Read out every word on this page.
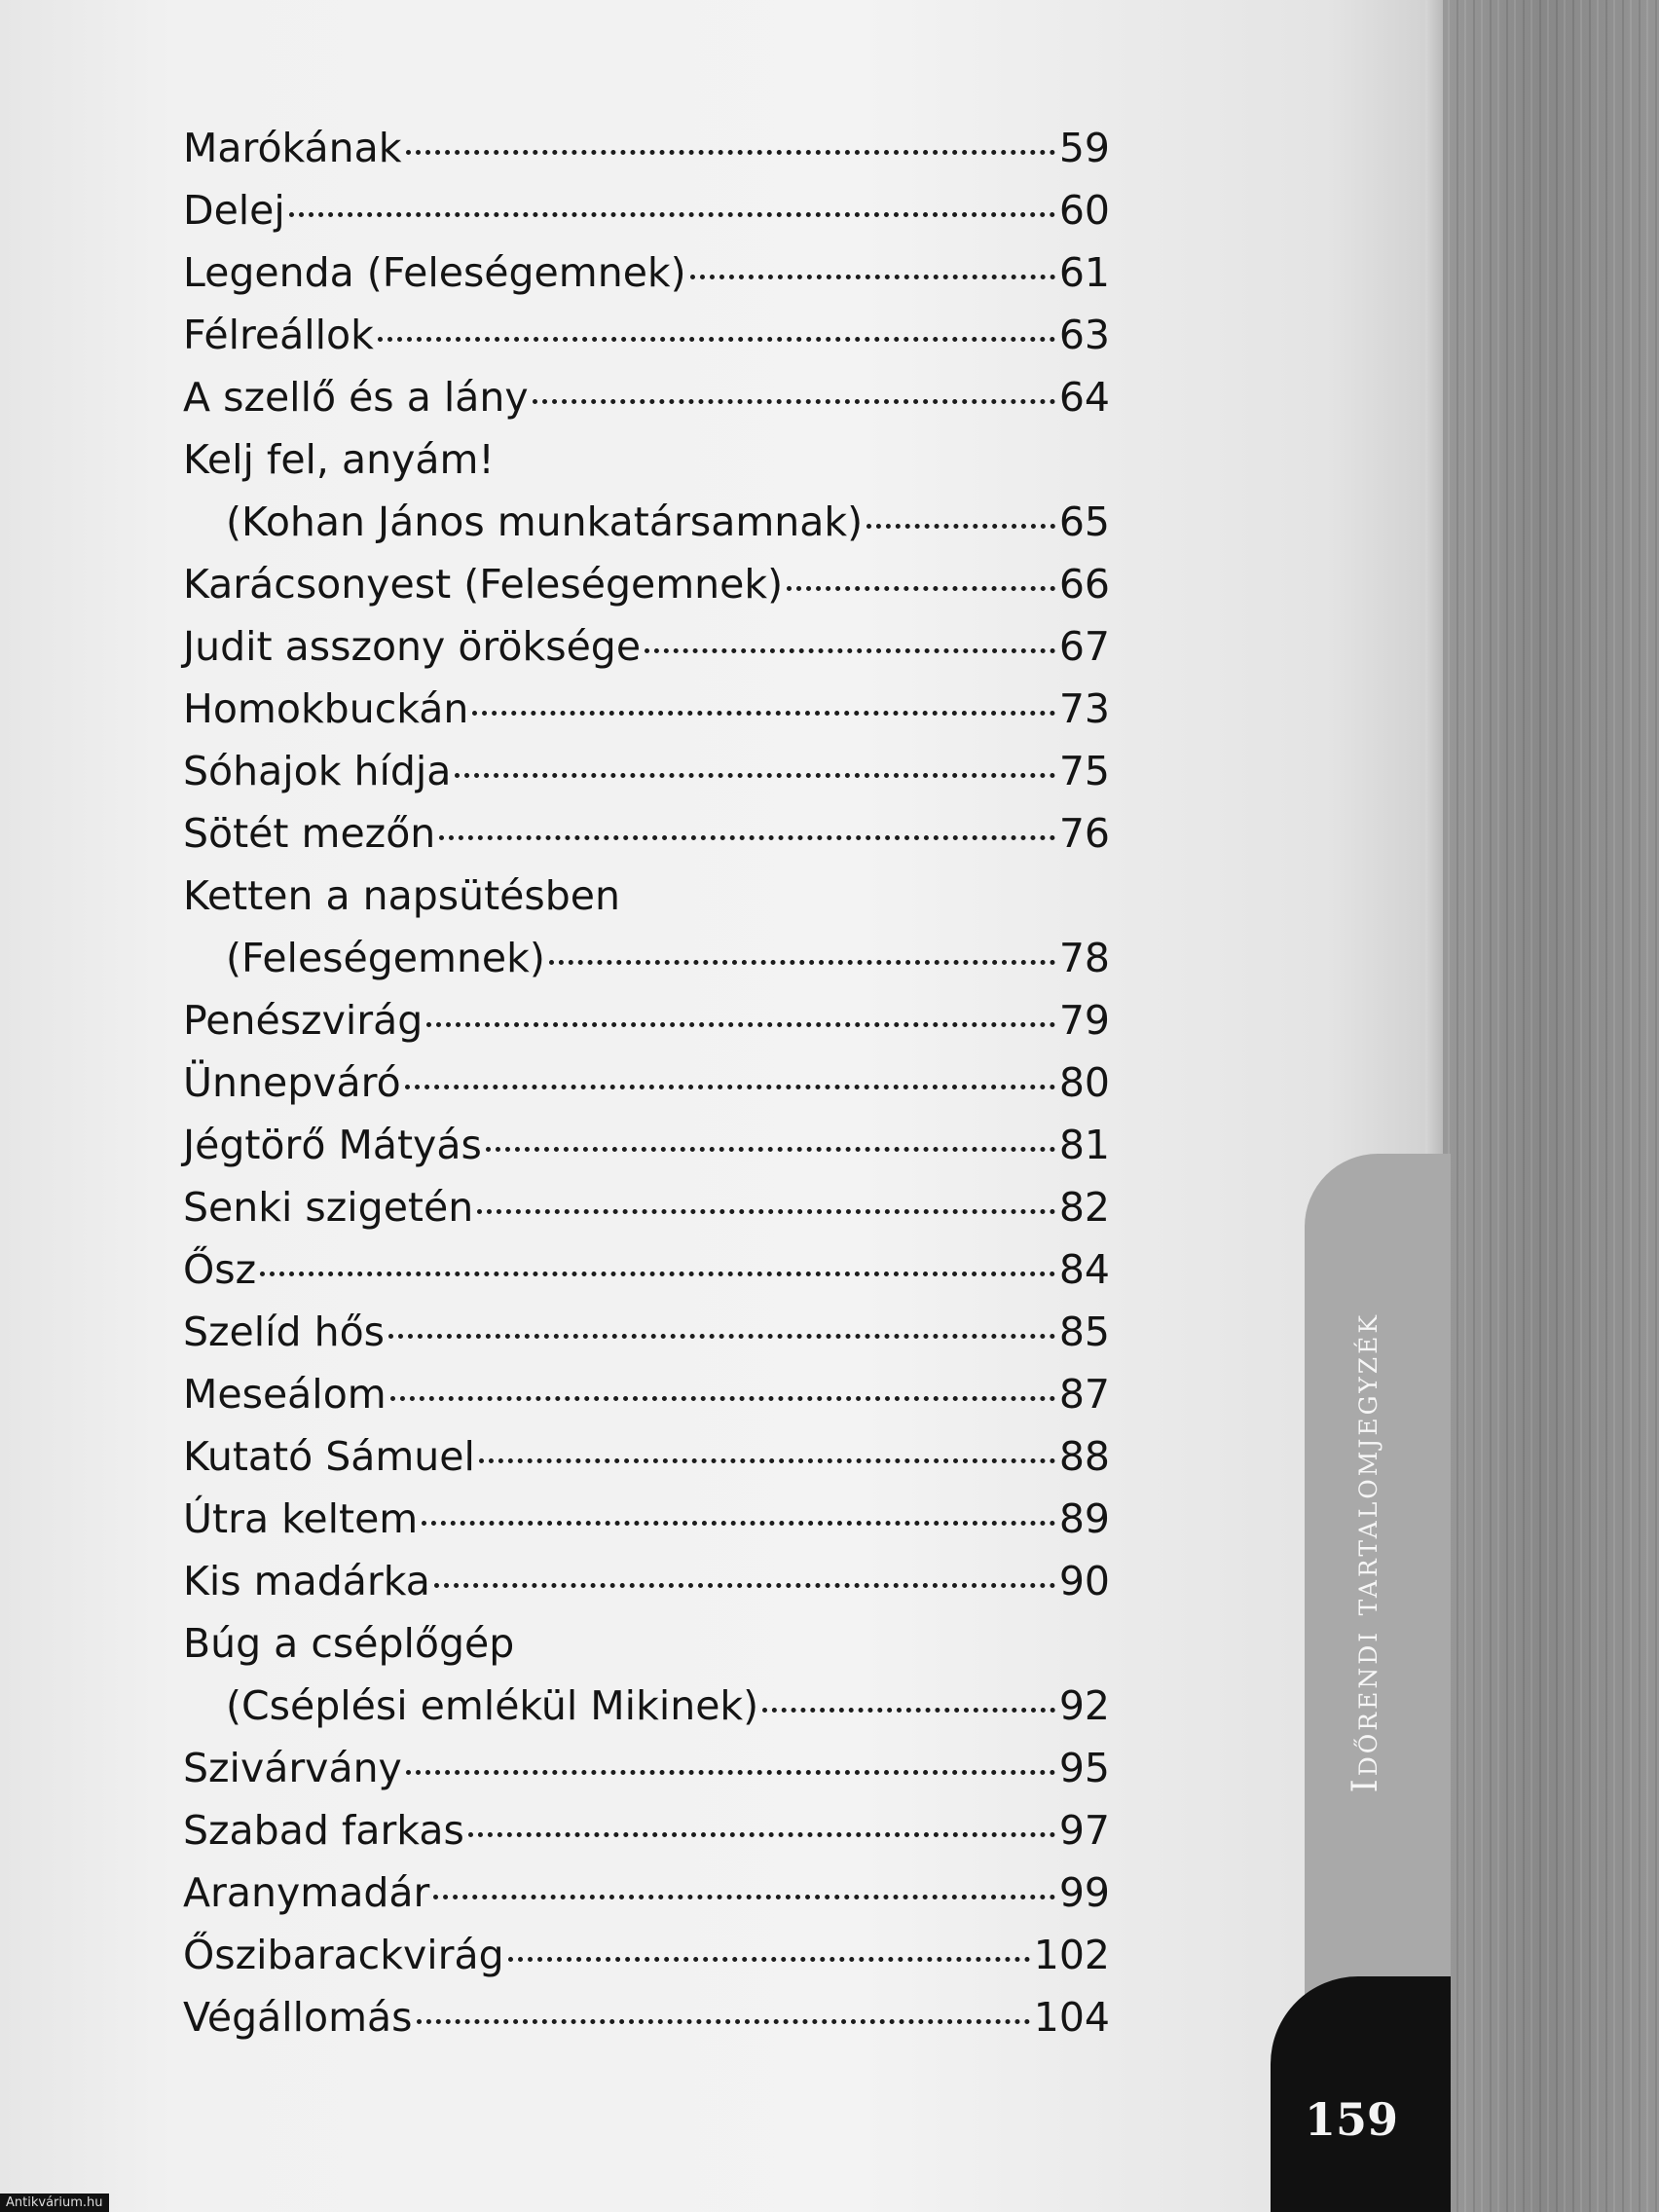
Marókának	59
Delej	60
Legenda (Feleségemnek)	61
Félreállok	63
A szellő és a lány	64
Kelj fel, anyám!
(Kohan János munkatársamnak)	65
Karácsonyest (Feleségemnek)	66
Judit asszony öröksége	67
Homokbuckán	73
Sóhajok hídja	75
Sötét mezőn	76
Ketten a napsütésben
(Feleségemnek)	78
Penészvirág	79
Ünnepváró	80
Jégtörő Mátyás	81
Senki szigetén	82
Ősz	84
Szelíd hős	85
Meseálom	87
Kutató Sámuel	88
Útra keltem	89
Kis madárka	90
Búg a cséplőgép
(Cséplési emlékül Mikinek)	92
Szivárvány	95
Szabad farkas	97
Aranymadár	99
Őszibarackvirág	102
Végállomás	104
Időrendi tartalomjegyzék
159
Antikvárium.hu
